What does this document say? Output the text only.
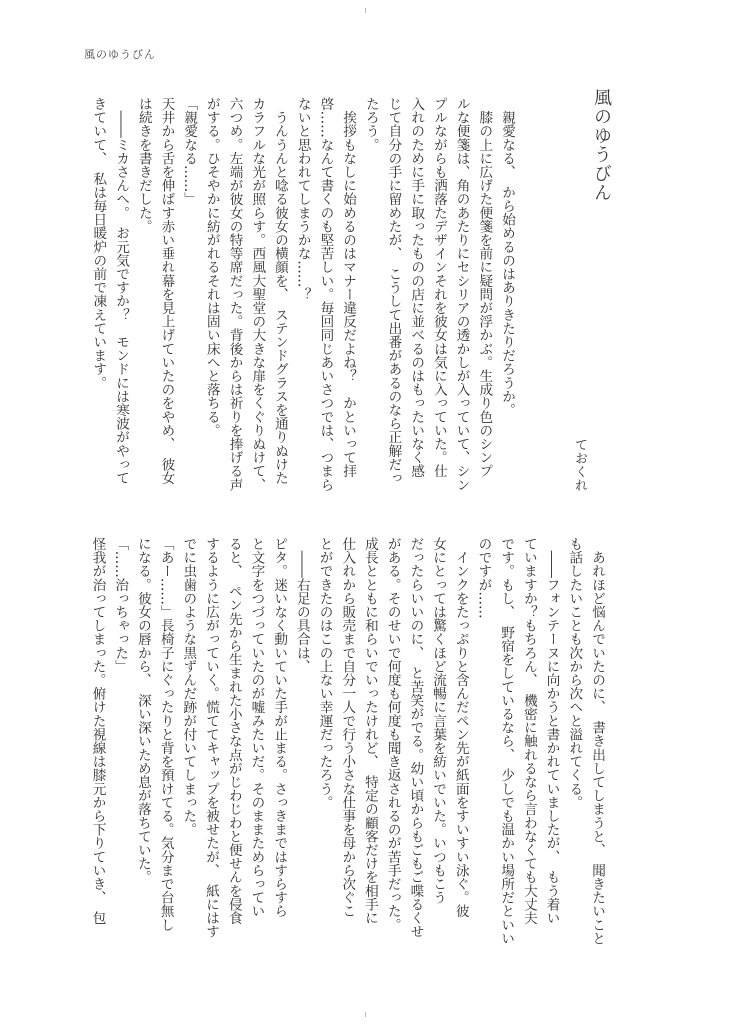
風のゆうびん
風のゆうびん
ておくれ
　親愛なる、　から始めるのはありきたりだろうか。
　膝の上に広げた便箋を前に疑問が浮かぶ。生成り色のシンプ
ルな便箋は、角のあたりにセシリアの透かしが入っていて、シン
プルながらも洒落たデザインそれを彼女は気に入っていた。仕
入れのために手に取ったものの店に並べるのはもったいなく感
じて自分の手に留めたが、　こうして出番があるのなら正解だっ
たろう。
　挨拶もなしに始めるのはマナー違反だよね？　かといって拝
啓……なんて書くのも堅苦しい。毎回同じあいさつでは、つまら
ないと思われてしまうかな……？
　うんうんと唸る彼女の横顔を、　ステンドグラスを通りぬけた
カラフルな光が照らす。西風大聖堂の大きな扉をくぐりぬけて、
六つめ。左端が彼女の特等席だった。背後からは祈りを捧げる声
がする。ひそやかに紡がれるそれは固い床へと落ちる。
「親愛なる……」
天井から舌を伸ばす赤い垂れ幕を見上げていたのをやめ、　彼女
は続きを書きだした。
　――ミカさんへ。　お元気ですか？　モンドには寒波がやって
きていて、　私は毎日暖炉の前で凍えています。
　あれほど悩んでいたのに、　書き出してしまうと、　聞きたいこと
も話したいことも次から次へと溢れてくる。
　――フォンテーヌに向かうと書かれていましたが、　もう着い
ていますか？もちろん、　機密に触れるなら言わなくても大丈夫
です。もし、　野宿をしているなら、　少しでも温かい場所だといい
のですが……
　インクをたっぷりと含んだペン先が紙面をすいすい泳ぐ。彼
女にとっては驚くほど流暢に言葉を紡いでいた。いつもこう
だったらいいのに、　と苦笑がでる。幼い頃からもごもご喋るくせ
がある。そのせいで何度も何度も聞き返されるのが苦手だった。
成長とともに和らいでいったけれど、　特定の顧客だけを相手に
仕入れから販売まで自分一人で行う小さな仕事を母から次ぐこ
とができたのはこの上ない幸運だったろう。
　――右足の具合は、
ピタ。迷いなく動いていた手が止まる。さっきまではすらすら
と文字をつづっていたのが嘘みたいだ。そのままためらってい
ると、　ペン先から生まれた小さな点がじわじわと便せんを侵食
するように広がっていく。慌ててキャップを被せたが、　紙にはす
でに虫歯のような黒ずんだ跡が付いてしまった。
「あー……」長椅子にぐったりと背を預けてる。気分まで台無し
になる。彼女の唇から、　深い深いため息が落ちていた。
「……治っちゃった」
怪我が治ってしまった。俯けた視線は膝元から下りていき、　包
